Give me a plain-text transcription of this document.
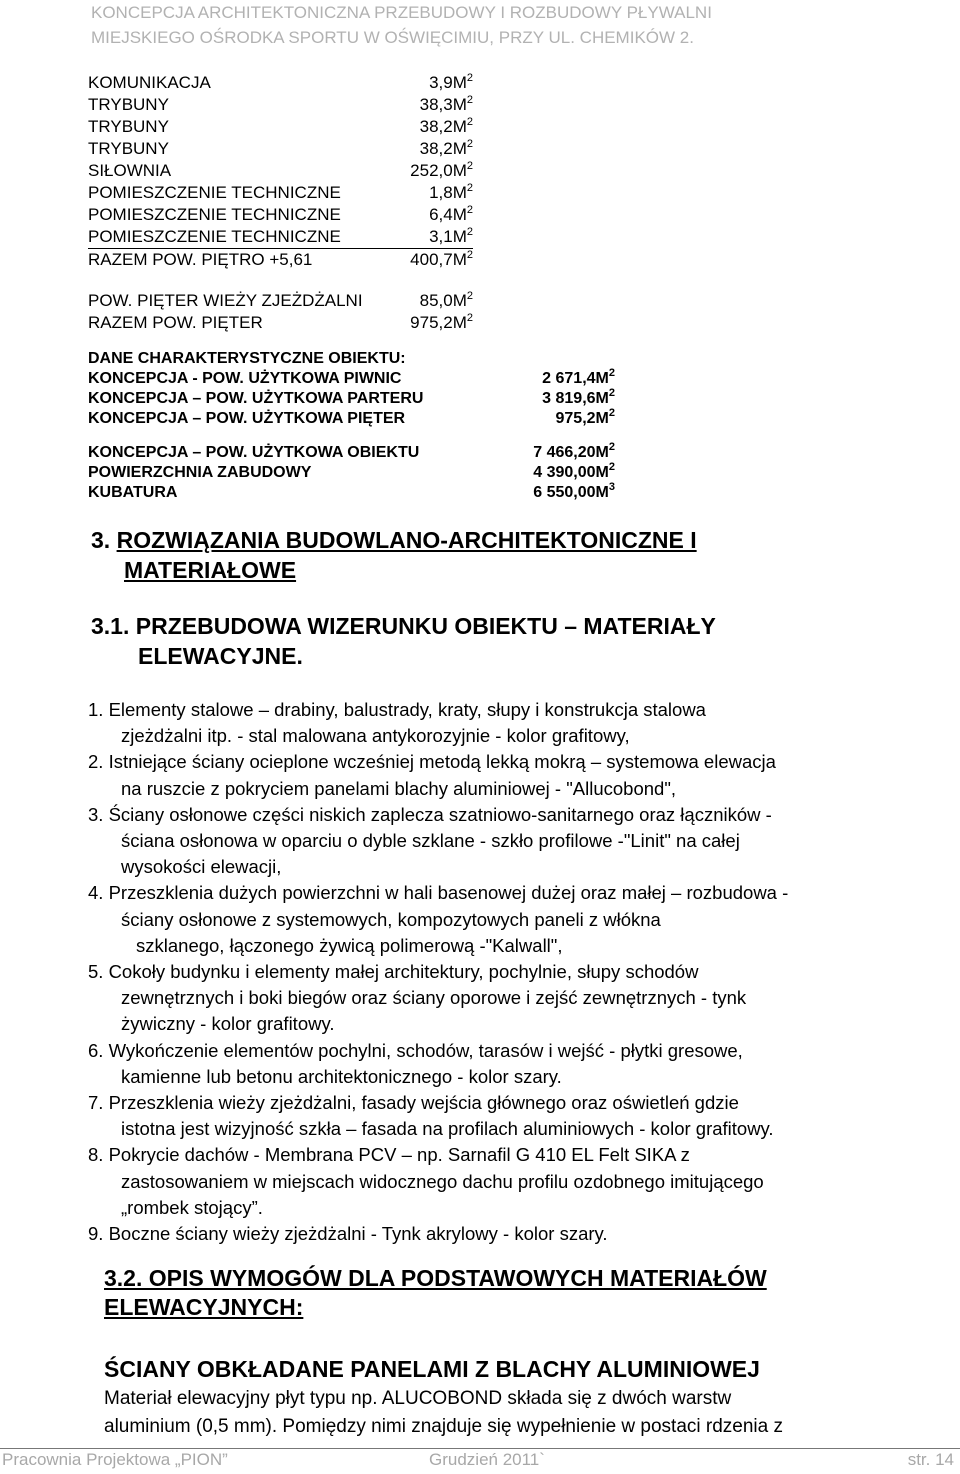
KONCEPCJA ARCHITEKTONICZNA PRZEBUDOWY I ROZBUDOWY PŁYWALNI
MIEJSKIEGO OŚRODKA SPORTU W OŚWIĘCIMIU, PRZY UL. CHEMIKÓW 2.
KOMUNIKACJA	$3,9M^2$
TRYBUNY	$38,3M^2$
TRYBUNY	$38,2M^2$
TRYBUNY	$38,2M^2$
SIŁOWNIA	$252,0M^2$
POMIESZCZENIE TECHNICZNE	$1,8M^2$
POMIESZCZENIE TECHNICZNE	$6,4M^2$
POMIESZCZENIE TECHNICZNE	$3,1M^2$
RAZEM POW. PIĘTRO +5,61	$400,7M^2$
POW. PIĘTER WIEŻY ZJEŻDŻALNI	$85,0M^2$
RAZEM POW. PIĘTER	$975,2M^2$
DANE CHARAKTERYSTYCZNE OBIEKTU:
KONCEPCJA - POW. UŻYTKOWA PIWNIC	2 $671,4M^2$
KONCEPCJA – POW. UŻYTKOWA PARTERU	3 $819,6M^2$
KONCEPCJA – POW. UŻYTKOWA PIĘTER	$975,2M^2$
KONCEPCJA – POW. UŻYTKOWA OBIEKTU	7 $466,20M^2$
POWIERZCHNIA ZABUDOWY	4 $390,00M^2$
KUBATURA	6 $550,00M^3$
3. ROZWIĄZANIA BUDOWLANO-ARCHITEKTONICZNE I
MATERIAŁOWE
3.1. PRZEBUDOWA WIZERUNKU OBIEKTU – MATERIAŁY
ELEWACYJNE.
1. Elementy stalowe – drabiny, balustrady, kraty, słupy i konstrukcja stalowa
zjeżdżalni itp. - stal malowana antykorozyjnie - kolor grafitowy,
2. Istniejące ściany ocieplone wcześniej metodą lekką mokrą – systemowa elewacja
na ruszcie z pokryciem panelami blachy aluminiowej - "Allucobond",
3. Ściany osłonowe części niskich zaplecza szatniowo-sanitarnego oraz łączników -
ściana osłonowa w oparciu o dyble szklane - szkło profilowe -"Linit" na całej
wysokości elewacji,
4. Przeszklenia dużych powierzchni w hali basenowej dużej oraz małej – rozbudowa -
ściany osłonowe z systemowych, kompozytowych paneli z włókna
szklanego, łączonego żywicą polimerową -"Kalwall",
5. Cokoły budynku i elementy małej architektury, pochylnie, słupy schodów
zewnętrznych i boki biegów oraz ściany oporowe i zejść zewnętrznych - tynk
żywiczny - kolor grafitowy.
6. Wykończenie elementów pochylni, schodów, tarasów i wejść - płytki gresowe,
kamienne lub betonu architektonicznego - kolor szary.
7. Przeszklenia wieży zjeżdżalni, fasady wejścia głównego oraz oświetleń gdzie
istotna jest wizyjność szkła – fasada na profilach aluminiowych - kolor grafitowy.
8. Pokrycie dachów - Membrana PCV – np. Sarnafil G 410 EL Felt SIKA z
zastosowaniem w miejscach widocznego dachu profilu ozdobnego imitującego
„rombek stojący”.
9. Boczne ściany wieży zjeżdżalni - Tynk akrylowy - kolor szary.
3.2. OPIS WYMOGÓW DLA PODSTAWOWYCH MATERIAŁÓW
ELEWACYJNYCH:
ŚCIANY OBKŁADANE PANELAMI Z BLACHY ALUMINIOWEJ
Materiał elewacyjny płyt typu np. ALUCOBOND składa się z dwóch warstw
aluminium (0,5 mm). Pomiędzy nimi znajduje się wypełnienie w postaci rdzenia z
Pracownia Projektowa „PION”	Grudzień 2011`	str. 14
